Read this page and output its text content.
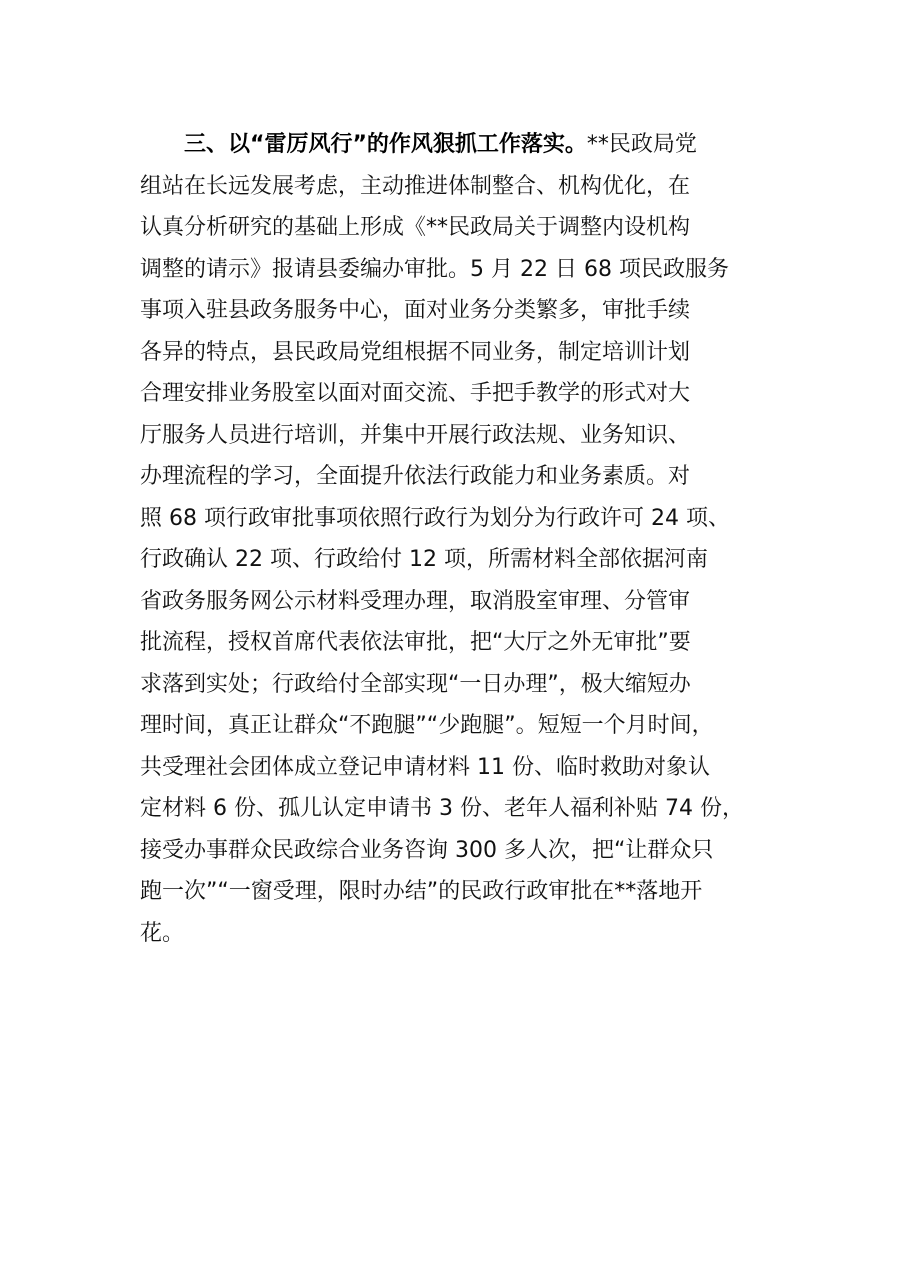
三、以“雷厉风行”的作风狠抓工作落实。**民政局党
组站在长远发展考虑，主动推进体制整合、机构优化，在
认真分析研究的基础上形成《**民政局关于调整内设机构
调整的请示》报请县委编办审批。5 月 22 日 68 项民政服务
事项入驻县政务服务中心，面对业务分类繁多，审批手续
各异的特点，县民政局党组根据不同业务，制定培训计划
合理安排业务股室以面对面交流、手把手教学的形式对大
厅服务人员进行培训，并集中开展行政法规、业务知识、
办理流程的学习，全面提升依法行政能力和业务素质。对
照 68 项行政审批事项依照行政行为划分为行政许可 24 项、
行政确认 22 项、行政给付 12 项，所需材料全部依据河南
省政务服务网公示材料受理办理，取消股室审理、分管审
批流程，授权首席代表依法审批，把“大厅之外无审批”要
求落到实处；行政给付全部实现“一日办理”，极大缩短办
理时间，真正让群众“不跑腿”“少跑腿”。短短一个月时间，
共受理社会团体成立登记申请材料 11 份、临时救助对象认
定材料 6 份、孤儿认定申请书 3 份、老年人福利补贴 74 份，
接受办事群众民政综合业务咨询 300 多人次，把“让群众只
跑一次”“一窗受理，限时办结”的民政行政审批在**落地开
花。
